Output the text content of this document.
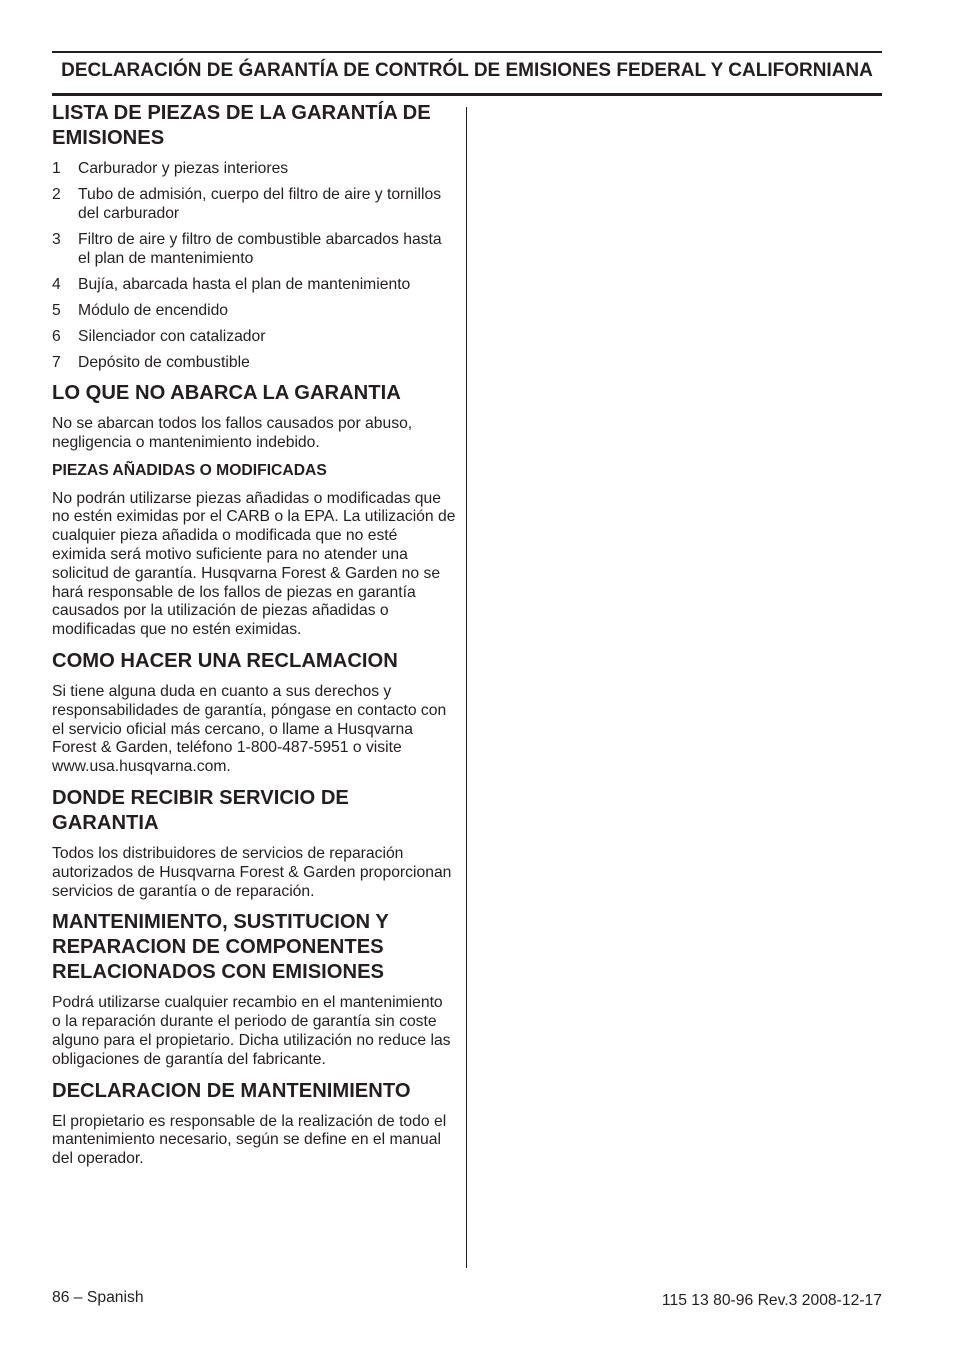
DECLARACIÓN DE ǴARANTÍA DE CONTRÓL DE EMISIONES FEDERAL Y CALIFORNIANA
LISTA DE PIEZAS DE LA GARANTÍA DE
EMISIONES
1	Carburador y piezas interiores
2	Tubo de admisión, cuerpo del filtro de aire y tornillos
del carburador
3	Filtro de aire y filtro de combustible abarcados hasta
el plan de mantenimiento
4	Bujía, abarcada hasta el plan de mantenimiento
5	Módulo de encendido
6	Silenciador con catalizador
7	Depósito de combustible
LO QUE NO ABARCA LA GARANTIA

No se abarcan todos los fallos causados por abuso,
negligencia o mantenimiento indebido.

PIEZAS AÑADIDAS O MODIFICADAS

No podrán utilizarse piezas añadidas o modificadas que
no estén eximidas por el CARB o la EPA. La utilización de
cualquier pieza añadida o modificada que no esté
eximida será motivo suficiente para no atender una
solicitud de garantía. Husqvarna Forest & Garden no se
hará responsable de los fallos de piezas en garantía
causados por la utilización de piezas añadidas o
modificadas que no estén eximidas.

COMO HACER UNA RECLAMACION

Si tiene alguna duda en cuanto a sus derechos y
responsabilidades de garantía, póngase en contacto con
el servicio oficial más cercano, o llame a Husqvarna
Forest & Garden, teléfono 1-800-487-5951 o visite
www.usa.husqvarna.com.

DONDE RECIBIR SERVICIO DE
GARANTIA

Todos los distribuidores de servicios de reparación
autorizados de Husqvarna Forest & Garden proporcionan
servicios de garantía o de reparación.

MANTENIMIENTO, SUSTITUCION Y
REPARACION DE COMPONENTES
RELACIONADOS CON EMISIONES

Podrá utilizarse cualquier recambio en el mantenimiento
o la reparación durante el periodo de garantía sin coste
alguno para el propietario. Dicha utilización no reduce las
obligaciones de garantía del fabricante.

DECLARACION DE MANTENIMIENTO

El propietario es responsable de la realización de todo el
mantenimiento necesario, según se define en el manual
del operador.

86 – Spanish	115 13 80-96 Rev.3 2008-12-17
